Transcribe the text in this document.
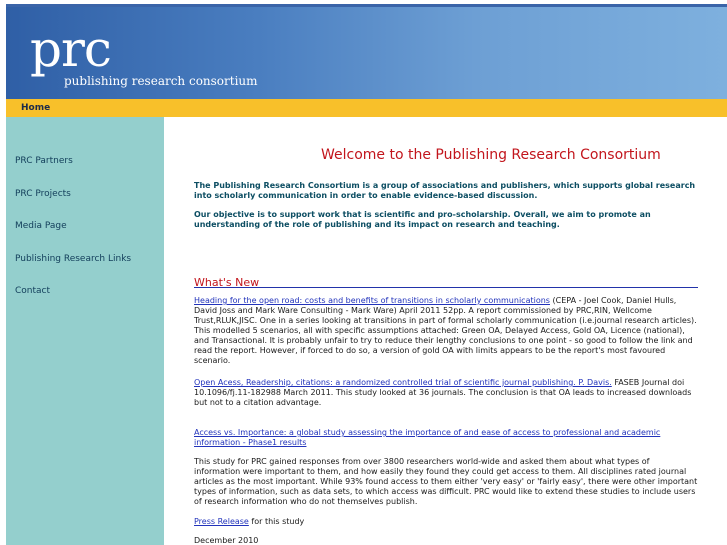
prc
publishing research consortium
Home
PRC Partners
PRC Projects
Media Page
Publishing Research Links
Contact
Welcome to the Publishing Research Consortium
The Publishing Research Consortium is a group of associations and publishers, which supports global research into scholarly communication in order to enable evidence-based discussion.
Our objective is to support work that is scientific and pro-scholarship. Overall, we aim to promote an understanding of the role of publishing and its impact on research and teaching.
What's New
Heading for the open road: costs and benefits of transitions in scholarly communications (CEPA - Joel Cook, Daniel Hulls, David Joss and Mark Ware Consulting - Mark Ware) April 2011 52pp. A report commissioned by PRC,RIN, Wellcome Trust,RLUK,JISC. One in a series looking at transitions in part of formal scholarly communication (i.e.journal research articles). This modelled 5 scenarios, all with specific assumptions attached: Green OA, Delayed Access, Gold OA, Licence (national), and Transactional. It is probably unfair to try to reduce their lengthy conclusions to one point - so good to follow the link and read the report. However, if forced to do so, a version of gold OA with limits appears to be the report's most favoured scenario.
Open Acess, Readership, citations: a randomized controlled trial of scientific journal publishing. P. Davis. FASEB Journal doi 10.1096/fj.11-182988 March 2011. This study looked at 36 journals. The conclusion is that OA leads to increased downloads but not to a citation advantage.
Access vs. Importance: a global study assessing the importance of and ease of access to professional and academic information - Phase1 results
This study for PRC gained responses from over 3800 researchers world-wide and asked them about what types of information were important to them, and how easily they found they could get access to them. All disciplines rated journal articles as the most important. While 93% found access to them either 'very easy' or 'fairly easy', there were other important types of information, such as data sets, to which access was difficult. PRC would like to extend these studies to include users of research information who do not themselves publish.
Press Release for this study
December 2010
